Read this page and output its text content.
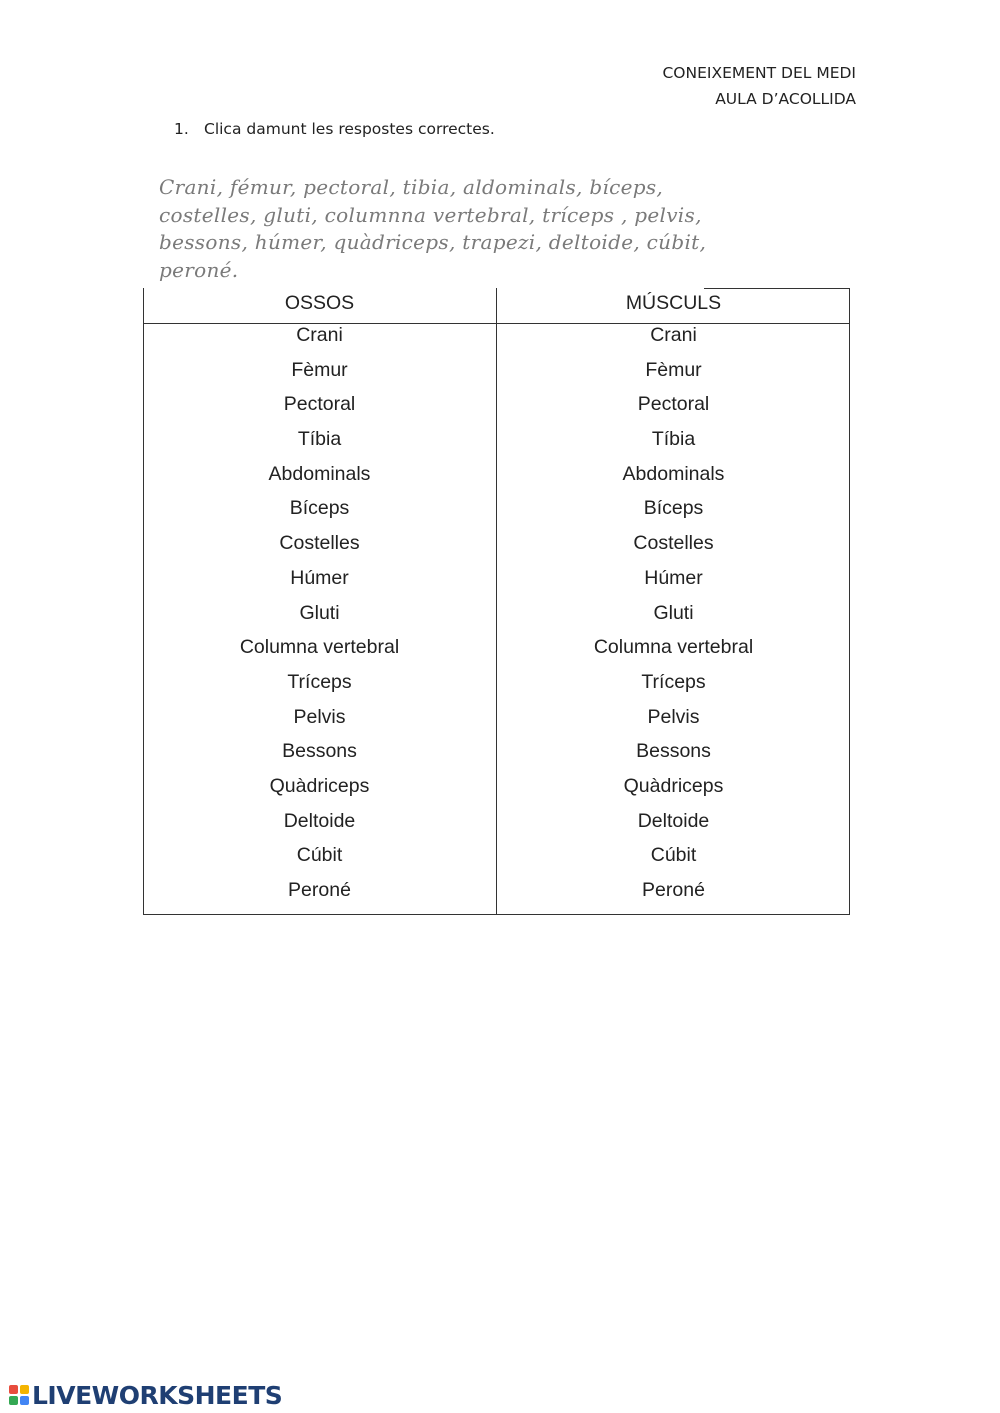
CONEIXEMENT DEL MEDI
AULA D’ACOLLIDA
1. Clica damunt les respostes correctes.
Crani, fémur, pectoral, tibia, aldominals, bíceps,
costelles, gluti, columnna vertebral, tríceps , pelvis,
bessons, húmer, quàdriceps, trapezi, deltoide, cúbit,
peroné.
OSSOS	MÚSCULS
Crani
Fèmur
Pectoral
Tíbia
Abdominals
Bíceps
Costelles
Húmer
Gluti
Columna vertebral
Tríceps
Pelvis
Bessons
Quàdriceps
Deltoide
Cúbit
Peroné
Crani
Fèmur
Pectoral
Tíbia
Abdominals
Bíceps
Costelles
Húmer
Gluti
Columna vertebral
Tríceps
Pelvis
Bessons
Quàdriceps
Deltoide
Cúbit
Peroné
LIVEWORKSHEETS
